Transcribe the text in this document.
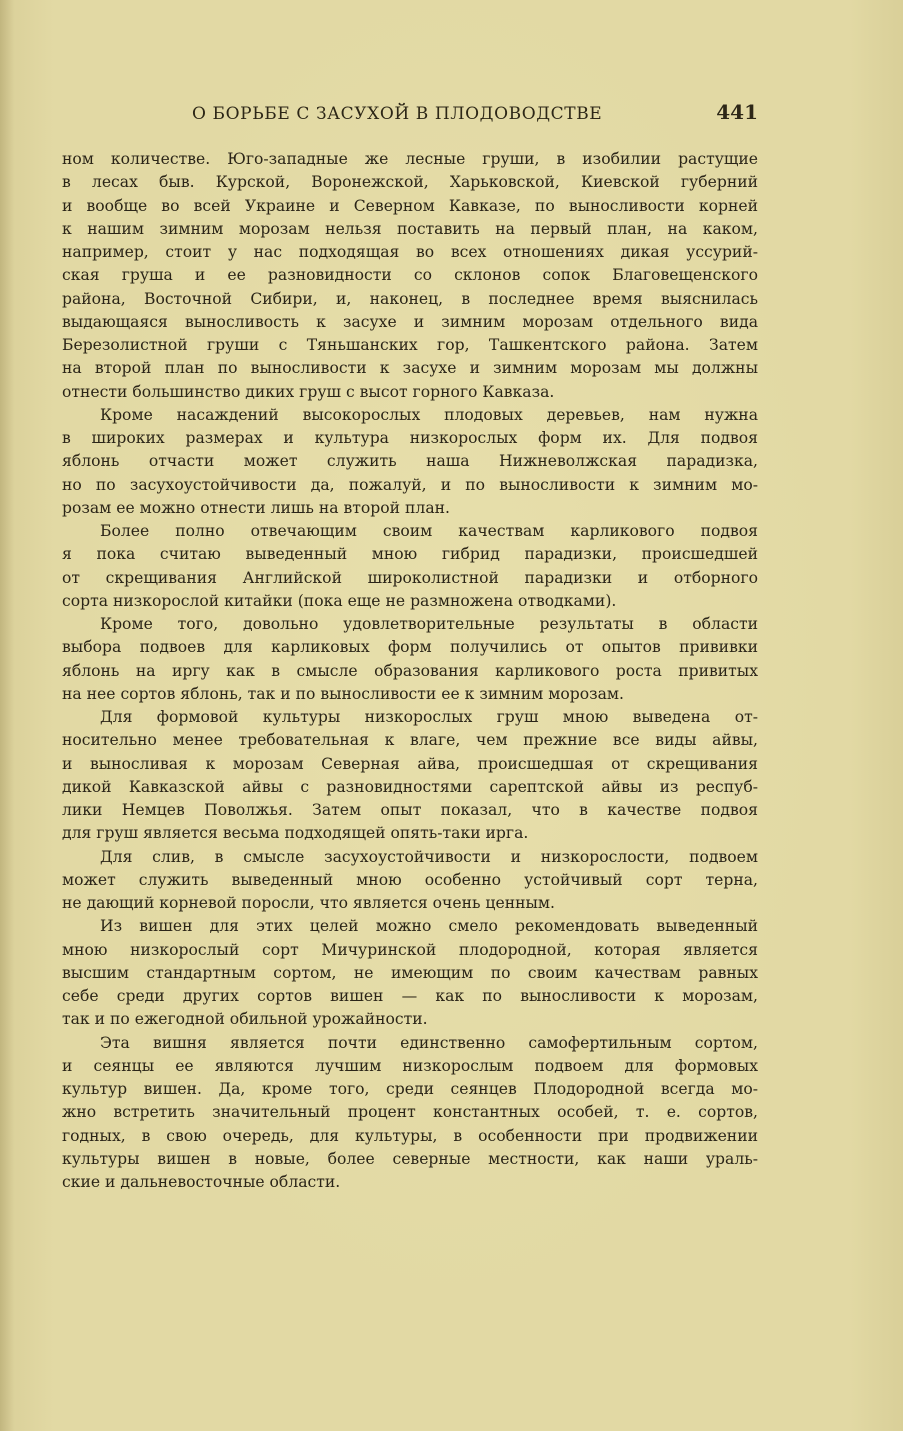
О БОРЬБЕ С ЗАСУХОЙ В ПЛОДОВОДСТВЕ	441
ном количестве. Юго-западные же лесные груши, в изобилии растущие
в лесах быв. Курской, Воронежской, Харьковской, Киевской губерний
и вообще во всей Украине и Северном Кавказе, по выносливости корней
к нашим зимним морозам нельзя поставить на первый план, на каком,
например, стоит у нас подходящая во всех отношениях дикая уссурий-
ская груша и ее разновидности со склонов сопок Благовещенского
района, Восточной Сибири, и, наконец, в последнее время выяснилась
выдающаяся выносливость к засухе и зимним морозам отдельного вида
Березолистной груши с Тяньшанских гор, Ташкентского района. Затем
на второй план по выносливости к засухе и зимним морозам мы должны
отнести большинство диких груш с высот горного Кавказа.
Кроме насаждений высокорослых плодовых деревьев, нам нужна
в широких размерах и культура низкорослых форм их. Для подвоя
яблонь отчасти может служить наша Нижневолжская парадизка,
но по засухоустойчивости да, пожалуй, и по выносливости к зимним мо-
розам ее можно отнести лишь на второй план.
Более полно отвечающим своим качествам карликового подвоя
я пока считаю выведенный мною гибрид парадизки, происшедшей
от скрещивания Английской широколистной парадизки и отборного
сорта низкорослой китайки (пока еще не размножена отводками).
Кроме того, довольно удовлетворительные результаты в области
выбора подвоев для карликовых форм получились от опытов прививки
яблонь на иргу как в смысле образования карликового роста привитых
на нее сортов яблонь, так и по выносливости ее к зимним морозам.
Для формовой культуры низкорослых груш мною выведена от-
носительно менее требовательная к влаге, чем прежние все виды айвы,
и выносливая к морозам Северная айва, происшедшая от скрещивания
дикой Кавказской айвы с разновидностями сарептской айвы из респуб-
лики Немцев Поволжья. Затем опыт показал, что в качестве подвоя
для груш является весьма подходящей опять-таки ирга.
Для слив, в смысле засухоустойчивости и низкорослости, подвоем
может служить выведенный мною особенно устойчивый сорт терна,
не дающий корневой поросли, что является очень ценным.
Из вишен для этих целей можно смело рекомендовать выведенный
мною низкорослый сорт Мичуринской плодородной, которая является
высшим стандартным сортом, не имеющим по своим качествам равных
себе среди других сортов вишен — как по выносливости к морозам,
так и по ежегодной обильной урожайности.
Эта вишня является почти единственно самофертильным сортом,
и сеянцы ее являются лучшим низкорослым подвоем для формовых
культур вишен. Да, кроме того, среди сеянцев Плодородной всегда мо-
жно встретить значительный процент константных особей, т. е. сортов,
годных, в свою очередь, для культуры, в особенности при продвижении
культуры вишен в новые, более северные местности, как наши ураль-
ские и дальневосточные области.
